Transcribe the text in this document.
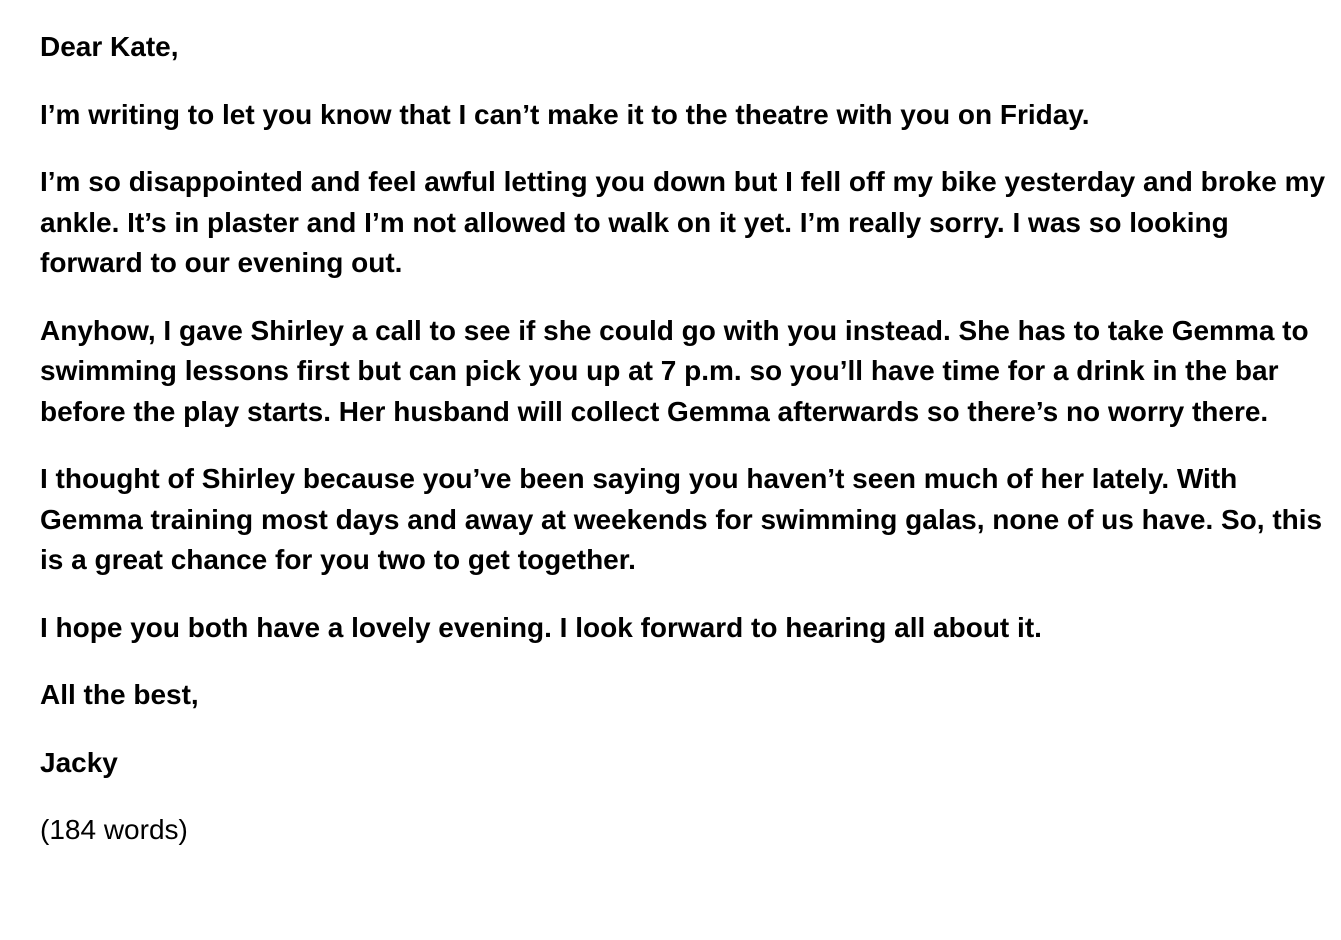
Dear Kate,

I’m writing to let you know that I can’t make it to the theatre with you on Friday.

I’m so disappointed and feel awful letting you down but I fell off my bike yesterday and broke my ankle. It’s in plaster and I’m not allowed to walk on it yet. I’m really sorry. I was so looking forward to our evening out.

Anyhow, I gave Shirley a call to see if she could go with you instead. She has to take Gemma to swimming lessons first but can pick you up at 7 p.m. so you’ll have time for a drink in the bar before the play starts. Her husband will collect Gemma afterwards so there’s no worry there.

I thought of Shirley because you’ve been saying you haven’t seen much of her lately. With Gemma training most days and away at weekends for swimming galas, none of us have. So, this is a great chance for you two to get together.

I hope you both have a lovely evening. I look forward to hearing all about it.

All the best,

Jacky

(184 words)
